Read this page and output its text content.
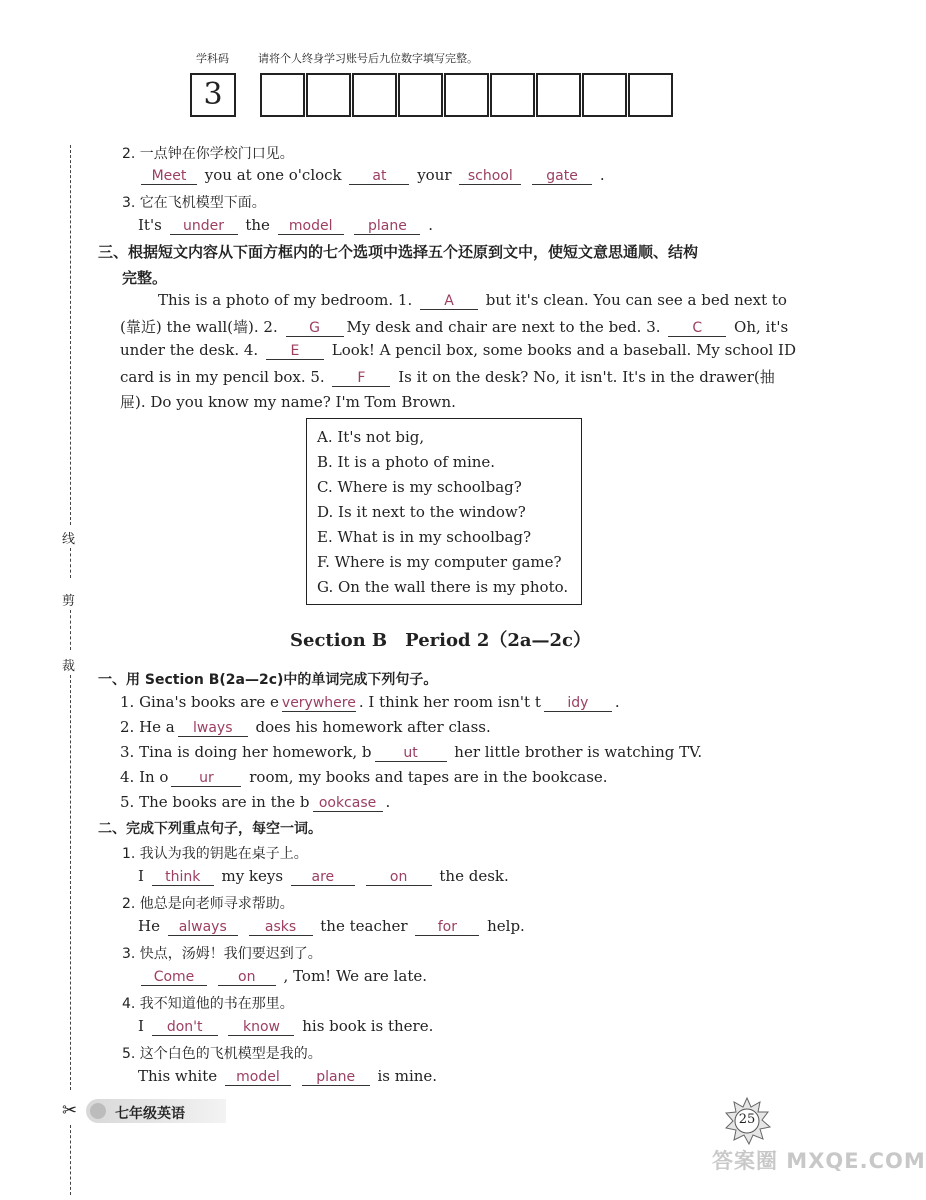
学科码	请将个人终身学习账号后九位数字填写完整。
3
线
剪
裁
✂
2. 一点钟在你学校门口见。
Meet you at one o'clock at your school gate .
3. 它在飞机模型下面。
It's under the model	plane .
三、根据短文内容从下面方框内的七个选项中选择五个还原到文中，使短文意思通顺、结构
完整。
This is a photo of my bedroom. 1. A but it's clean. You can see a bed next to
(靠近) the wall(墙). 2. G My desk and chair are next to the bed. 3. C Oh, it's
under the desk. 4. E Look! A pencil box, some books and a baseball. My school ID
card is in my pencil box. 5. F Is it on the desk? No, it isn't. It's in the drawer(抽
屉). Do you know my name? I'm Tom Brown.
A. It's not big,
B. It is a photo of mine.
C. Where is my schoolbag?
D. Is it next to the window?
E. What is in my schoolbag?
F. Where is my computer game?
G. On the wall there is my photo.
Section B　Period 2（2a—2c）
一、用 Section B(2a—2c)中的单词完成下列句子。
1. Gina's books are e verywhere . I think her room isn't t idy .
2. He a lways does his homework after class.
3. Tina is doing her homework, b ut her little brother is watching TV.
4. In o ur room, my books and tapes are in the bookcase.
5. The books are in the b ookcase .
二、完成下列重点句子，每空一词。
1. 我认为我的钥匙在桌子上。
I think my keys are	on the desk.
2. 他总是向老师寻求帮助。
He always	asks the teacher for help.
3. 快点，汤姆！我们要迟到了。
Come	on , Tom! We are late.
4. 我不知道他的书在那里。
I don't	know his book is there.
5. 这个白色的飞机模型是我的。
This white model	plane is mine.
七年级英语	25
答案圈 MXQE.COM
